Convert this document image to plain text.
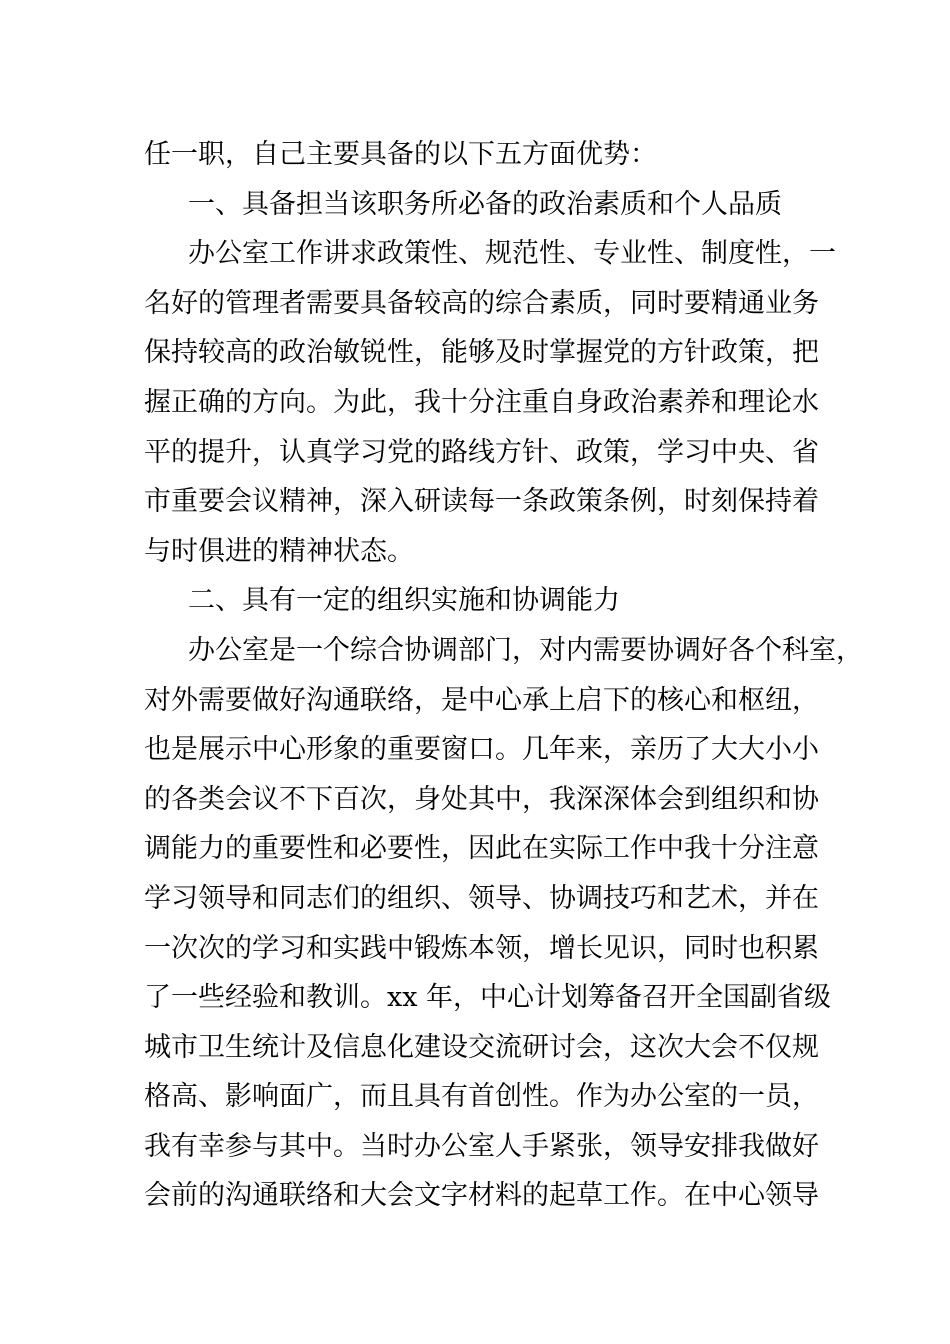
任一职，自己主要具备的以下五方面优势：
一、具备担当该职务所必备的政治素质和个人品质
办公室工作讲求政策性、规范性、专业性、制度性，一
名好的管理者需要具备较高的综合素质，同时要精通业务
保持较高的政治敏锐性，能够及时掌握党的方针政策，把
握正确的方向。为此，我十分注重自身政治素养和理论水
平的提升，认真学习党的路线方针、政策，学习中央、省
市重要会议精神，深入研读每一条政策条例，时刻保持着
与时俱进的精神状态。
二、具有一定的组织实施和协调能力
办公室是一个综合协调部门，对内需要协调好各个科室，
对外需要做好沟通联络，是中心承上启下的核心和枢纽，
也是展示中心形象的重要窗口。几年来，亲历了大大小小
的各类会议不下百次，身处其中，我深深体会到组织和协
调能力的重要性和必要性，因此在实际工作中我十分注意
学习领导和同志们的组织、领导、协调技巧和艺术，并在
一次次的学习和实践中锻炼本领，增长见识，同时也积累
了一些经验和教训。xx 年，中心计划筹备召开全国副省级
城市卫生统计及信息化建设交流研讨会，这次大会不仅规
格高、影响面广，而且具有首创性。作为办公室的一员，
我有幸参与其中。当时办公室人手紧张，领导安排我做好
会前的沟通联络和大会文字材料的起草工作。在中心领导
